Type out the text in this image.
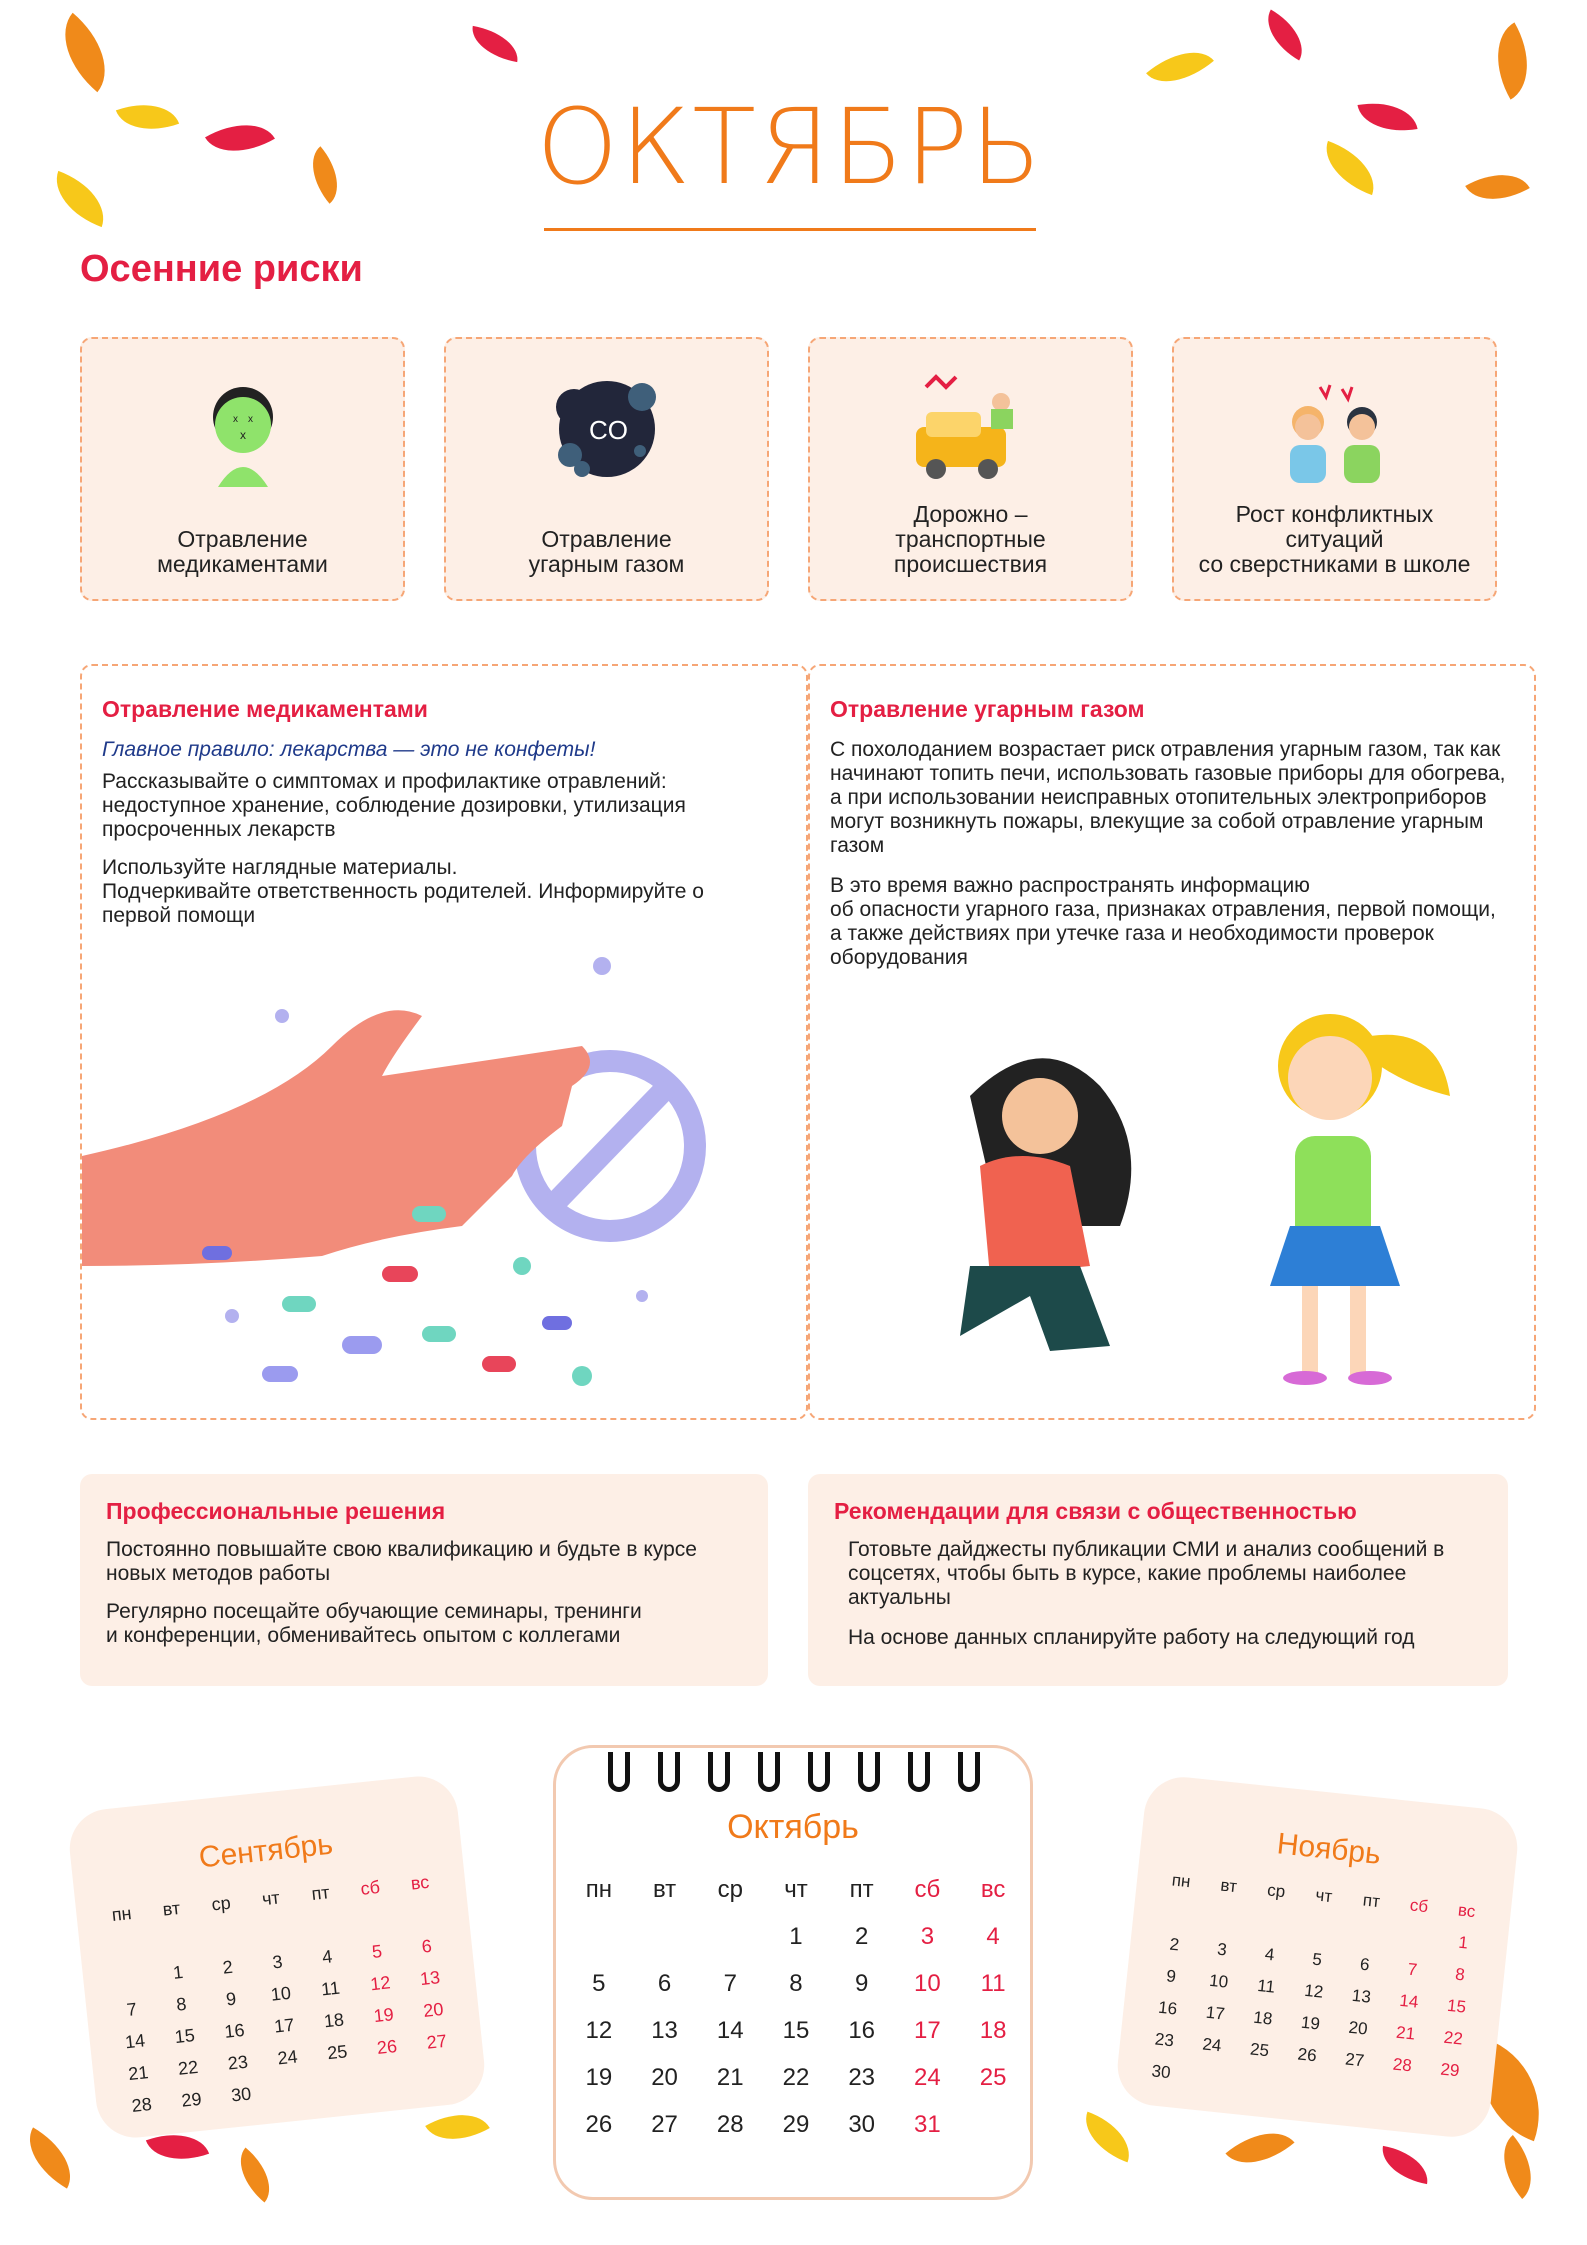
ОКТЯБРЬ
Осенние риски
x x
x
Отравление
медикаментами
CO
Отравление
угарным газом
Дорожно –
транспортные
происшествия
Рост конфликтных
ситуаций
со сверстниками в школе
Отравление медикаментами
Главное правило: лекарства — это не конфеты!
Рассказывайте о симптомах и профилактике отравлений: недоступное хранение, соблюдение дозировки, утилизация просроченных лекарств
Используйте наглядные материалы.
Подчеркивайте ответственность родителей. Информируйте о первой помощи
Отравление угарным газом
С похолоданием возрастает риск отравления угарным газом, так как начинают топить печи, использовать газовые приборы для обогрева, а при использовании неисправных отопительных электроприборов могут возникнуть пожары, влекущие за собой отравление угарным газом
В это время важно распространять информацию
об опасности угарного газа, признаках отравления, первой помощи, а также действиях при утечке газа и необходимости проверок оборудования
Профессиональные решения
Постоянно повышайте свою квалификацию и будьте в курсе новых методов работы
Регулярно посещайте обучающие семинары, тренинги
и конференции, обменивайтесь опытом с коллегами
Рекомендации для связи с общественностью
Готовьте дайджесты публикации СМИ и анализ сообщений в соцсетях, чтобы быть в курсе, какие проблемы наиболее актуальны
На основе данных спланируйте работу на следующий год
Сентябрь
пн	вт	ср	чт	пт	сб	вс

	1	2	3	4	5	6
7	8	9	10	11	12	13
14	15	16	17	18	19	20
21	22	23	24	25	26	27
28	29	30				
Октябрь
пн	вт	ср	чт	пт	сб	вс
			1	2	3	4
5	6	7	8	9	10	11
12	13	14	15	16	17	18
19	20	21	22	23	24	25
26	27	28	29	30	31	
Ноябрь
пн	вт	ср	чт	пт	сб	вс
						1
2	3	4	5	6	7	8
9	10	11	12	13	14	15
16	17	18	19	20	21	22
23	24	25	26	27	28	29
30						
